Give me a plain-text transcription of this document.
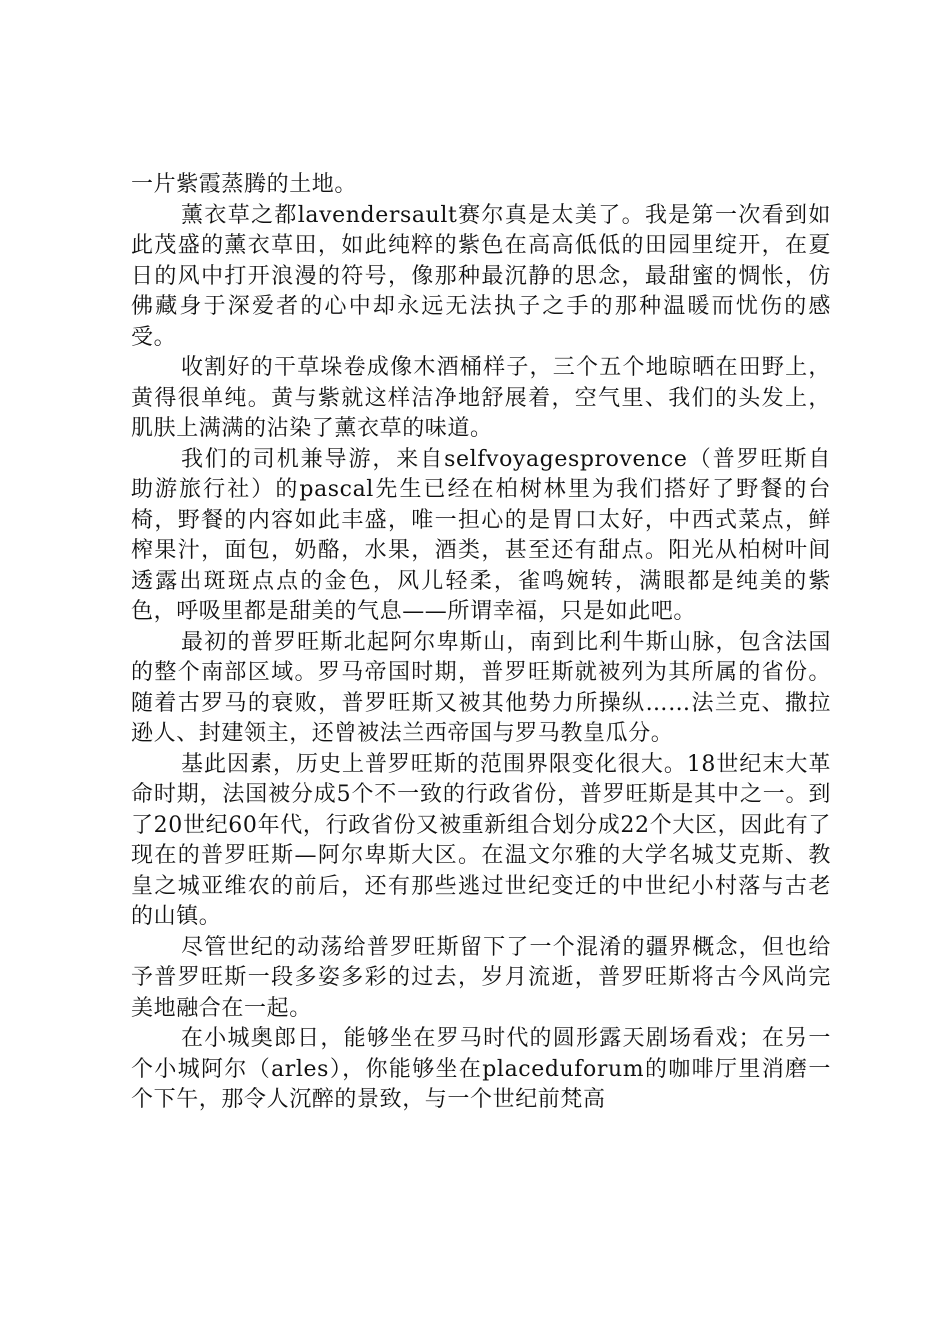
一片紫霞蒸腾的土地。

薰衣草之都lavendersault赛尔真是太美了。我是第一次看到如此茂盛的薰衣草田，如此纯粹的紫色在高高低低的田园里绽开，在夏日的风中打开浪漫的符号，像那种最沉静的思念，最甜蜜的惆怅，仿佛藏身于深爱者的心中却永远无法执子之手的那种温暖而忧伤的感受。

收割好的干草垛卷成像木酒桶样子，三个五个地晾晒在田野上，黄得很单纯。黄与紫就这样洁净地舒展着，空气里、我们的头发上，肌肤上满满的沾染了薰衣草的味道。

我们的司机兼导游，来自selfvoyagesprovence（普罗旺斯自助游旅行社）的pascal先生已经在柏树林里为我们搭好了野餐的台椅，野餐的内容如此丰盛，唯一担心的是胃口太好，中西式菜点，鲜榨果汁，面包，奶酪，水果，酒类，甚至还有甜点。阳光从柏树叶间透露出斑斑点点的金色，风儿轻柔，雀鸣婉转，满眼都是纯美的紫色，呼吸里都是甜美的气息——所谓幸福，只是如此吧。

最初的普罗旺斯北起阿尔卑斯山，南到比利牛斯山脉，包含法国的整个南部区域。罗马帝国时期，普罗旺斯就被列为其所属的省份。随着古罗马的衰败，普罗旺斯又被其他势力所操纵……法兰克、撒拉逊人、封建领主，还曾被法兰西帝国与罗马教皇瓜分。

基此因素，历史上普罗旺斯的范围界限变化很大。18世纪末大革命时期，法国被分成5个不一致的行政省份，普罗旺斯是其中之一。到了20世纪60年代，行政省份又被重新组合划分成22个大区，因此有了现在的普罗旺斯—阿尔卑斯大区。在温文尔雅的大学名城艾克斯、教皇之城亚维农的前后，还有那些逃过世纪变迁的中世纪小村落与古老的山镇。

尽管世纪的动荡给普罗旺斯留下了一个混淆的疆界概念，但也给予普罗旺斯一段多姿多彩的过去，岁月流逝，普罗旺斯将古今风尚完美地融合在一起。

在小城奥郎日，能够坐在罗马时代的圆形露天剧场看戏；在另一个小城阿尔（arles），你能够坐在placeduforum的咖啡厅里消磨一个下午，那令人沉醉的景致，与一个世纪前梵高
